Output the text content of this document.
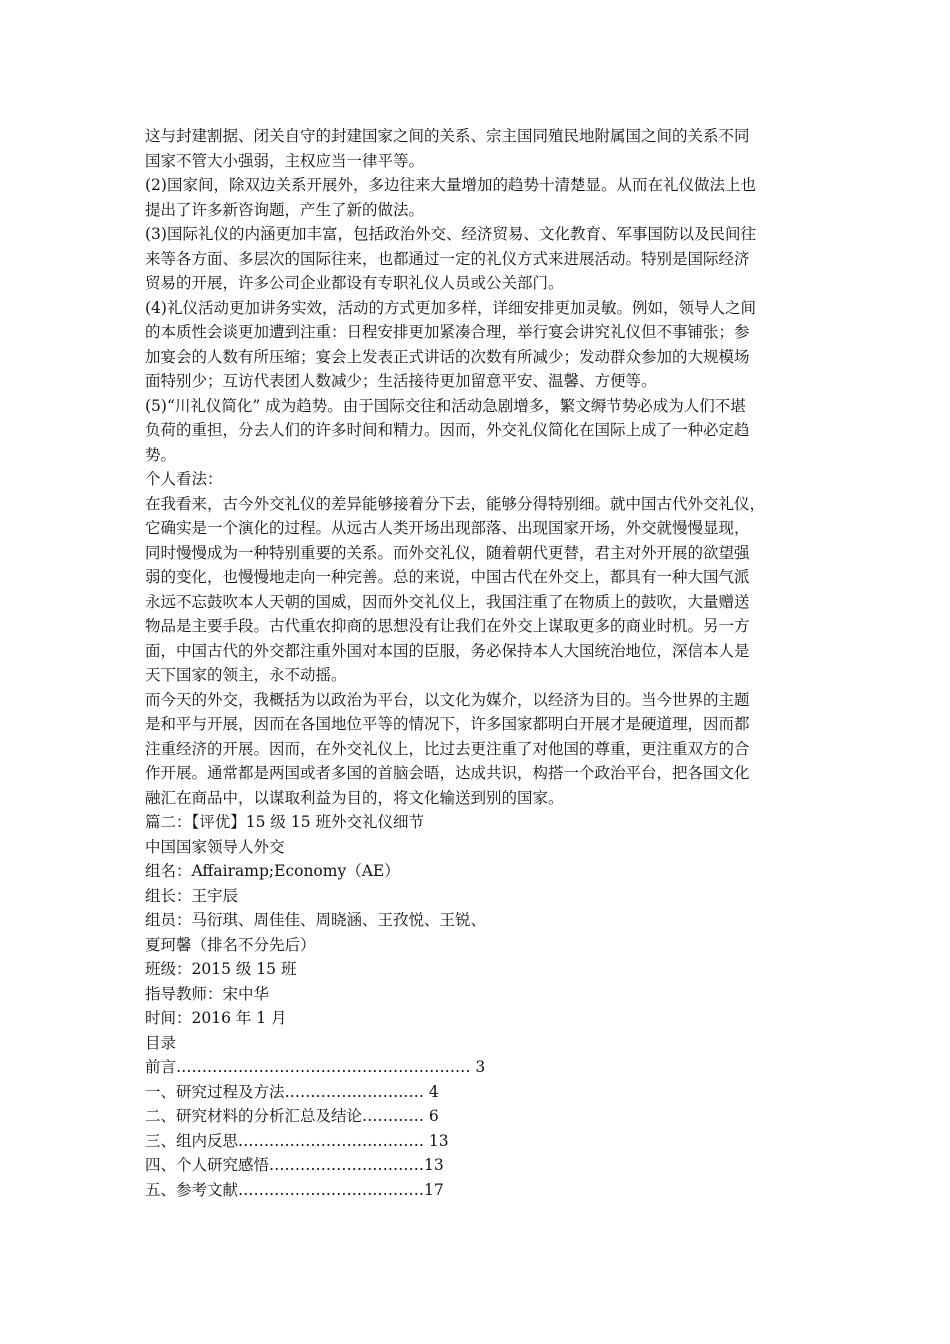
这与封建割据、闭关自守的封建国家之间的关系、宗主国同殖民地附属国之间的关系不同
国家不管大小强弱，主权应当一律平等。
(2)国家间，除双边关系开展外，多边往来大量增加的趋势十清楚显。从而在礼仪做法上也
提出了许多新咨询题，产生了新的做法。
(3)国际礼仪的内涵更加丰富，包括政治外交、经济贸易、文化教育、军事国防以及民间往
来等各方面、多层次的国际往来，也都通过一定的礼仪方式来进展活动。特别是国际经济
贸易的开展，许多公司企业都设有专职礼仪人员或公关部门。
(4)礼仪活动更加讲务实效，活动的方式更加多样，详细安排更加灵敏。例如，领导人之间
的本质性会谈更加遭到注重：日程安排更加紧凑合理，举行宴会讲究礼仪但不事铺张；参
加宴会的人数有所压缩；宴会上发表正式讲话的次数有所减少；发动群众参加的大规模场
面特别少；互访代表团人数减少；生活接待更加留意平安、温馨、方便等。
(5)“川礼仪简化” 成为趋势。由于国际交往和活动急剧增多，繁文缛节势必成为人们不堪
负荷的重担，分去人们的许多时间和精力。因而，外交礼仪简化在国际上成了一种必定趋
势。
个人看法：
在我看来，古今外交礼仪的差异能够接着分下去，能够分得特别细。就中国古代外交礼仪，
它确实是一个演化的过程。从远古人类开场出现部落、出现国家开场，外交就慢慢显现，
同时慢慢成为一种特别重要的关系。而外交礼仪，随着朝代更替，君主对外开展的欲望强
弱的变化，也慢慢地走向一种完善。总的来说，中国古代在外交上，都具有一种大国气派
永远不忘鼓吹本人天朝的国威，因而外交礼仪上，我国注重了在物质上的鼓吹，大量赠送
物品是主要手段。古代重农抑商的思想没有让我们在外交上谋取更多的商业时机。另一方
面，中国古代的外交都注重外国对本国的臣服，务必保持本人大国统治地位，深信本人是
天下国家的领主，永不动摇。
而今天的外交，我概括为以政治为平台，以文化为媒介，以经济为目的。当今世界的主题
是和平与开展，因而在各国地位平等的情况下，许多国家都明白开展才是硬道理，因而都
注重经济的开展。因而，在外交礼仪上，比过去更注重了对他国的尊重，更注重双方的合
作开展。通常都是两国或者多国的首脑会晤，达成共识，构搭一个政治平台，把各国文化
融汇在商品中，以谋取利益为目的，将文化输送到别的国家。
篇二：【评优】15 级 15 班外交礼仪细节
中国国家领导人外交
组名：Affairamp;Economy（AE）
组长：王宇辰
组员：马衍琪、周佳佳、周晓涵、王孜悦、王锐、
夏珂馨（排名不分先后）
班级：2015 级 15 班
指导教师：宋中华
时间：2016 年 1 月
目录
前言………………………………………………… 3
一、研究过程及方法……………………… 4
二、研究材料的分析汇总及结论………… 6
三、组内反思……………………………… 13
四、个人研究感悟…………………………13
五、参考文献………………………………17
